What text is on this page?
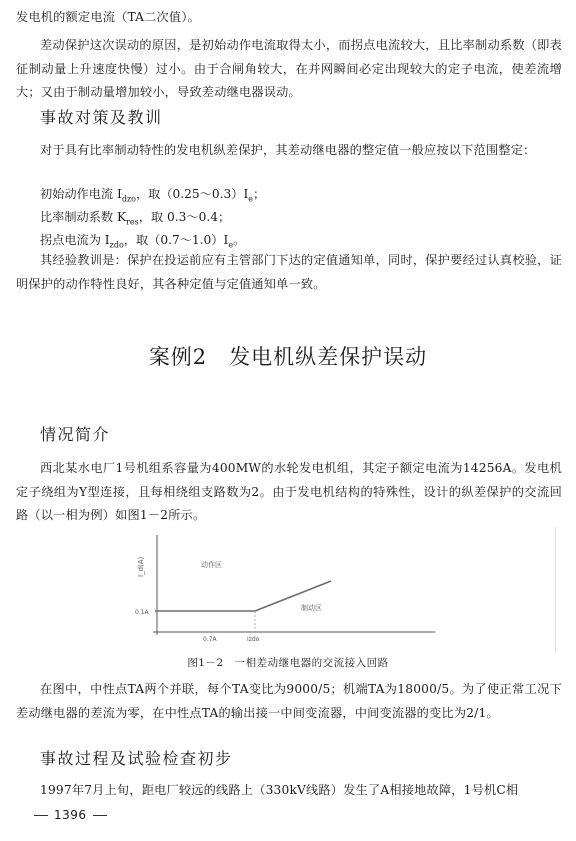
发电机的额定电流（TA二次值）。

差动保护这次误动的原因，是初始动作电流取得太小，而拐点电流较大，且比率制动系数（即表征制动量上升速度快慢）过小。由于合闸角较大，在并网瞬间必定出现较大的定子电流，使差流增大；又由于制动量增加较小，导致差动继电器误动。

事故对策及教训

对于具有比率制动特性的发电机纵差保护，其差动继电器的整定值一般应按以下范围整定：

初始动作电流 $I_{dzo}$，取$(0.25\sim 0.3)I_e$；
比率制动系数 $K_{res}$，取 0.3～0.4；
拐点电流为 $I_{zdo}$，取$(0.7\sim 1.0)I_e$。

其经验教训是：保护在投运前应有主管部门下达的定值通知单，同时，保护要经过认真校验，证明保护的动作特性良好，其各种定值与定值通知单一致。

案例2 发电机纵差保护误动
情况简介

西北某水电厂1号机组系容量为400MW的水轮发电机组，其定子额定电流为14256A。发电机定子绕组为Y型连接，且每相绕组支路数为2。由于发电机结构的特殊性，设计的纵差保护的交流回路（以一相为例）如图1－2所示。

I_d(A)
0.1A
动作区
制动区
0.7A	Izdo
图1－2　一相差动继电器的交流接入回路

在图中，中性点TA两个并联，每个TA变比为9000/5；机端TA为18000/5。为了使正常工况下差动继电器的差流为零，在中性点TA的输出接一中间变流器，中间变流器的变比为2/1。

事故过程及试验检查初步

1997年7月上旬，距电厂较远的线路上（330kV线路）发生了A相接地故障，1号机C相

1396
